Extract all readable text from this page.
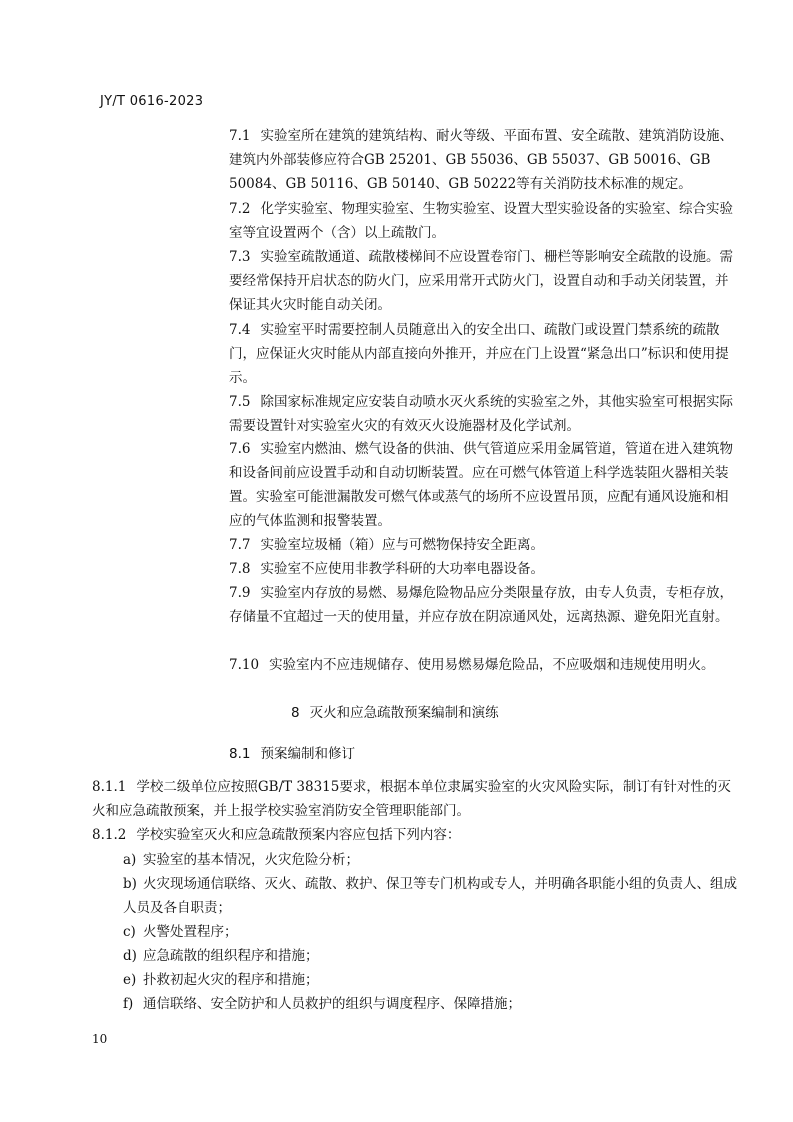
JY/T 0616-2023

7.1 实验室所在建筑的建筑结构、耐火等级、平面布置、安全疏散、建筑消防设施、建筑内外部装修应符合GB 25201、GB 55036、GB 55037、GB 50016、GB 50084、GB 50116、GB 50140、GB 50222等有关消防技术标准的规定。

7.2 化学实验室、物理实验室、生物实验室、设置大型实验设备的实验室、综合实验室等宜设置两个（含）以上疏散门。

7.3 实验室疏散通道、疏散楼梯间不应设置卷帘门、栅栏等影响安全疏散的设施。需要经常保持开启状态的防火门，应采用常开式防火门，设置自动和手动关闭装置，并保证其火灾时能自动关闭。

7.4 实验室平时需要控制人员随意出入的安全出口、疏散门或设置门禁系统的疏散门，应保证火灾时能从内部直接向外推开，并应在门上设置“紧急出口”标识和使用提示。

7.5 除国家标准规定应安装自动喷水灭火系统的实验室之外，其他实验室可根据实际需要设置针对实验室火灾的有效灭火设施器材及化学试剂。

7.6 实验室内燃油、燃气设备的供油、供气管道应采用金属管道，管道在进入建筑物和设备间前应设置手动和自动切断装置。应在可燃气体管道上科学选装阻火器相关装置。实验室可能泄漏散发可燃气体或蒸气的场所不应设置吊顶，应配有通风设施和相应的气体监测和报警装置。

7.7 实验室垃圾桶（箱）应与可燃物保持安全距离。

7.8 实验室不应使用非教学科研的大功率电器设备。

7.9 实验室内存放的易燃、易爆危险物品应分类限量存放，由专人负责，专柜存放，存储量不宜超过一天的使用量，并应存放在阴凉通风处，远离热源、避免阳光直射。

7.10 实验室内不应违规储存、使用易燃易爆危险品，不应吸烟和违规使用明火。

8 灭火和应急疏散预案编制和演练
8.1 预案编制和修订

8.1.1 学校二级单位应按照GB/T 38315要求，根据本单位隶属实验室的火灾风险实际，制订有针对性的灭火和应急疏散预案，并上报学校实验室消防安全管理职能部门。

8.1.2 学校实验室灭火和应急疏散预案内容应包括下列内容：

a) 实验室的基本情况，火灾危险分析；
b) 火灾现场通信联络、灭火、疏散、救护、保卫等专门机构或专人，并明确各职能小组的负责人、组成人员及各自职责；
c) 火警处置程序；
d) 应急疏散的组织程序和措施；
e) 扑救初起火灾的程序和措施；
f) 通信联络、安全防护和人员救护的组织与调度程序、保障措施；
10
